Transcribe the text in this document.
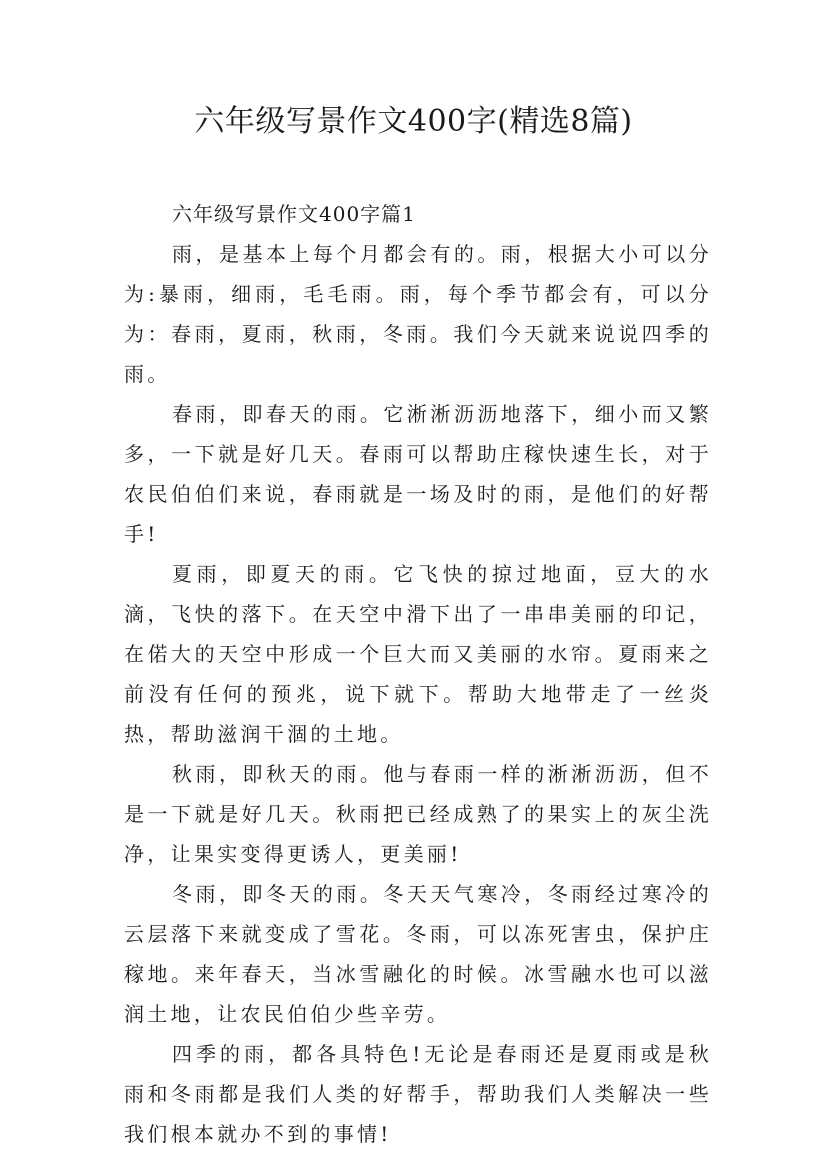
六年级写景作文400字(精选8篇)

六年级写景作文400字篇1

雨，是基本上每个月都会有的。雨，根据大小可以分为:暴雨，细雨，毛毛雨。雨，每个季节都会有，可以分为：春雨，夏雨，秋雨，冬雨。我们今天就来说说四季的雨。

春雨，即春天的雨。它淅淅沥沥地落下，细小而又繁多，一下就是好几天。春雨可以帮助庄稼快速生长，对于农民伯伯们来说，春雨就是一场及时的雨，是他们的好帮手!

夏雨，即夏天的雨。它飞快的掠过地面，豆大的水滴，飞快的落下。在天空中滑下出了一串串美丽的印记，在偌大的天空中形成一个巨大而又美丽的水帘。夏雨来之前没有任何的预兆，说下就下。帮助大地带走了一丝炎热，帮助滋润干涸的土地。

秋雨，即秋天的雨。他与春雨一样的淅淅沥沥，但不是一下就是好几天。秋雨把已经成熟了的果实上的灰尘洗净，让果实变得更诱人，更美丽!

冬雨，即冬天的雨。冬天天气寒冷，冬雨经过寒冷的云层落下来就变成了雪花。冬雨，可以冻死害虫，保护庄稼地。来年春天，当冰雪融化的时候。冰雪融水也可以滋润土地，让农民伯伯少些辛劳。

四季的雨，都各具特色!无论是春雨还是夏雨或是秋雨和冬雨都是我们人类的好帮手，帮助我们人类解决一些我们根本就办不到的事情!
